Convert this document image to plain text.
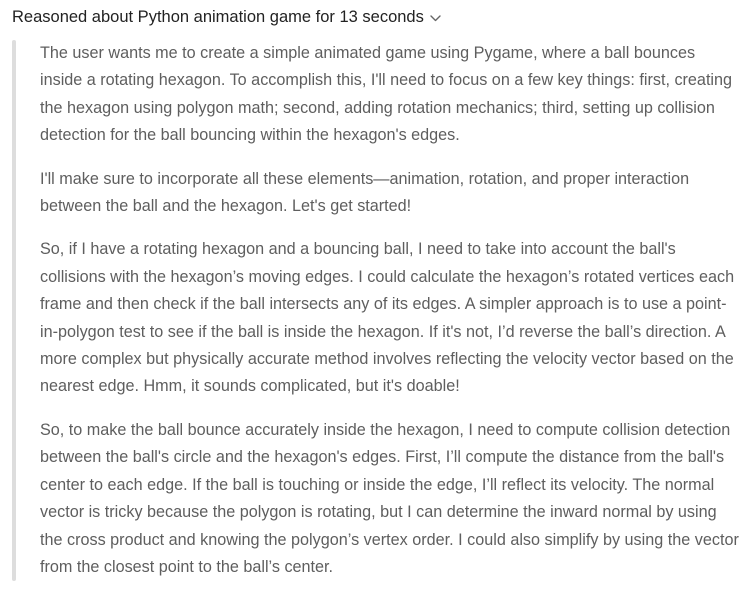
Reasoned about Python animation game for 13 seconds

The user wants me to create a simple animated game using Pygame, where a ball bounces inside a rotating hexagon. To accomplish this, I'll need to focus on a few key things: first, creating the hexagon using polygon math; second, adding rotation mechanics; third, setting up collision detection for the ball bouncing within the hexagon's edges.

I'll make sure to incorporate all these elements—animation, rotation, and proper interaction between the ball and the hexagon. Let's get started!

So, if I have a rotating hexagon and a bouncing ball, I need to take into account the ball's collisions with the hexagon’s moving edges. I could calculate the hexagon’s rotated vertices each frame and then check if the ball intersects any of its edges. A simpler approach is to use a point-in-polygon test to see if the ball is inside the hexagon. If it's not, I’d reverse the ball’s direction. A more complex but physically accurate method involves reflecting the velocity vector based on the nearest edge. Hmm, it sounds complicated, but it's doable!

So, to make the ball bounce accurately inside the hexagon, I need to compute collision detection between the ball's circle and the hexagon's edges. First, I’ll compute the distance from the ball's center to each edge. If the ball is touching or inside the edge, I’ll reflect its velocity. The normal vector is tricky because the polygon is rotating, but I can determine the inward normal by using the cross product and knowing the polygon’s vertex order. I could also simplify by using the vector from the closest point to the ball’s center.
